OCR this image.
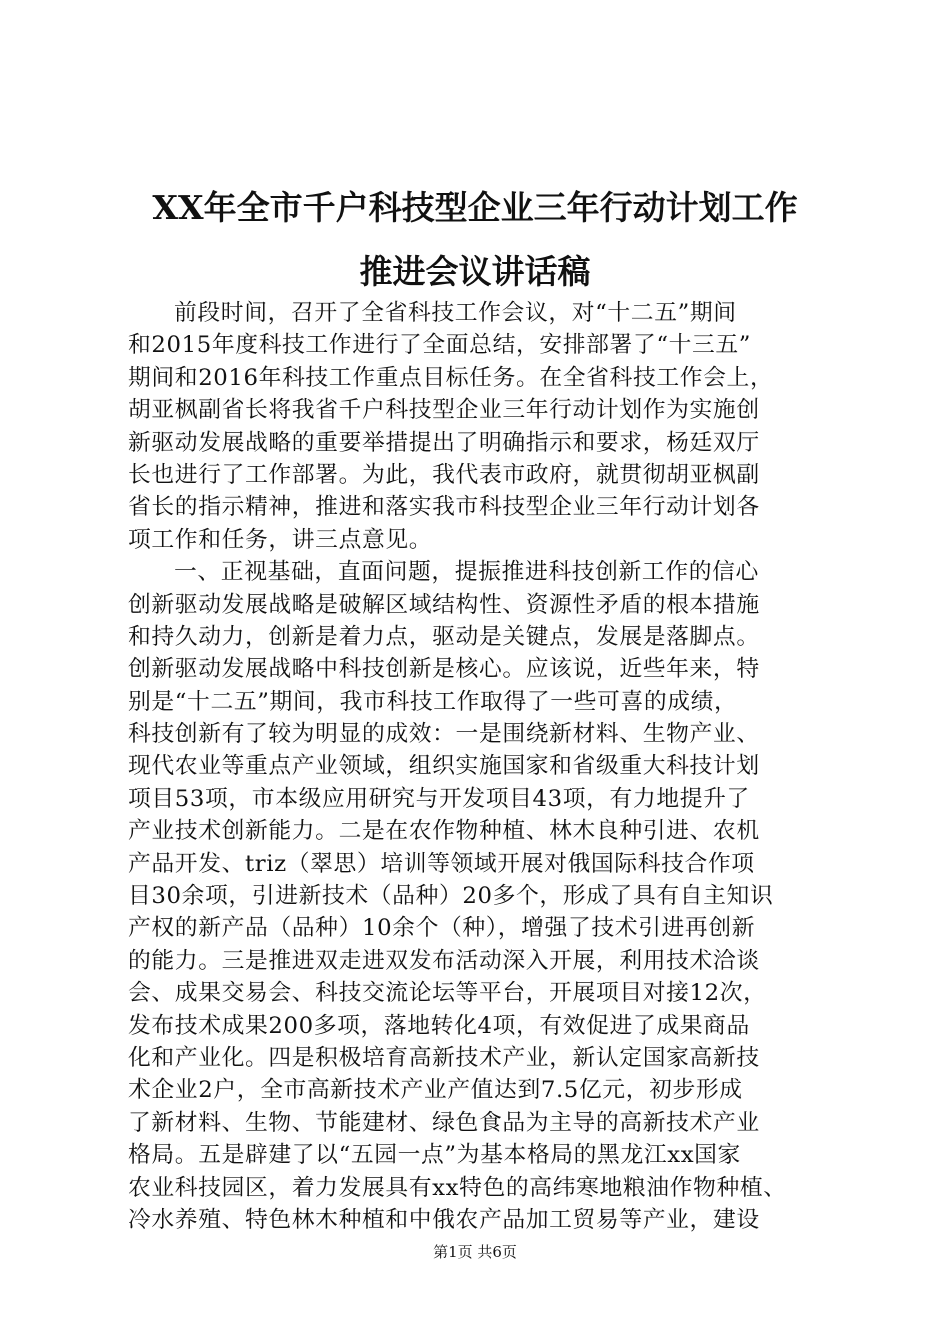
XX年全市千户科技型企业三年行动计划工作
推进会议讲话稿
前段时间，召开了全省科技工作会议，对“十二五”期间
和2015年度科技工作进行了全面总结，安排部署了“十三五”
期间和2016年科技工作重点目标任务。在全省科技工作会上，
胡亚枫副省长将我省千户科技型企业三年行动计划作为实施创
新驱动发展战略的重要举措提出了明确指示和要求，杨廷双厅
长也进行了工作部署。为此，我代表市政府，就贯彻胡亚枫副
省长的指示精神，推进和落实我市科技型企业三年行动计划各
项工作和任务，讲三点意见。
一、正视基础，直面问题，提振推进科技创新工作的信心
创新驱动发展战略是破解区域结构性、资源性矛盾的根本措施
和持久动力，创新是着力点，驱动是关键点，发展是落脚点。
创新驱动发展战略中科技创新是核心。应该说，近些年来，特
别是“十二五”期间，我市科技工作取得了一些可喜的成绩，
科技创新有了较为明显的成效：一是围绕新材料、生物产业、
现代农业等重点产业领域，组织实施国家和省级重大科技计划
项目53项，市本级应用研究与开发项目43项，有力地提升了
产业技术创新能力。二是在农作物种植、林木良种引进、农机
产品开发、triz（翠思）培训等领域开展对俄国际科技合作项
目30余项，引进新技术（品种）20多个，形成了具有自主知识
产权的新产品（品种）10余个（种），增强了技术引进再创新
的能力。三是推进双走进双发布活动深入开展，利用技术洽谈
会、成果交易会、科技交流论坛等平台，开展项目对接12次，
发布技术成果200多项，落地转化4项，有效促进了成果商品
化和产业化。四是积极培育高新技术产业，新认定国家高新技
术企业2户，全市高新技术产业产值达到7.5亿元，初步形成
了新材料、生物、节能建材、绿色食品为主导的高新技术产业
格局。五是辟建了以“五园一点”为基本格局的黑龙江xx国家
农业科技园区，着力发展具有xx特色的高纬寒地粮油作物种植、
冷水养殖、特色林木种植和中俄农产品加工贸易等产业，建设
第1页 共6页
